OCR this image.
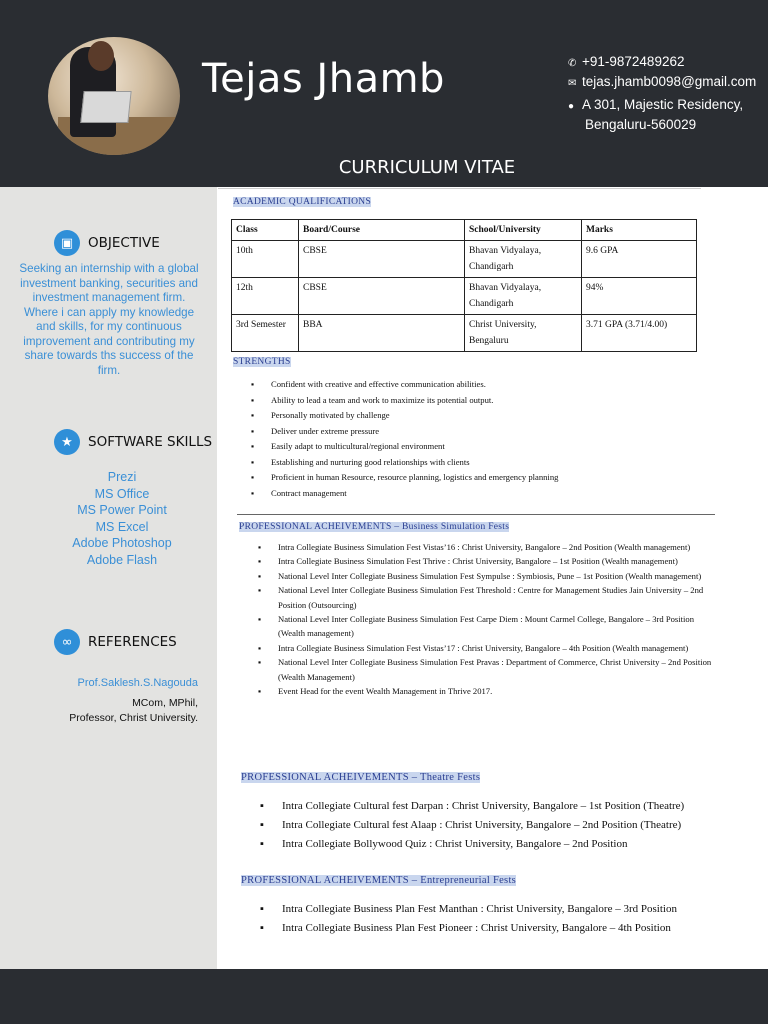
Tejas Jhamb	✆ +91-9872489262
✉ tejas.jhamb0098@gmail.com
● A 301, Majestic Residency,
Bengaluru-560029
CURRICULUM VITAE
▣	OBJECTIVE
Seeking an internship with a global investment banking, securities and investment management firm. Where i can apply my knowledge and skills, for my continuous improvement and contributing my share towards ths success of the firm.
★	SOFTWARE SKILLS
Prezi
MS Office
MS Power Point
MS Excel
Adobe Photoshop
Adobe Flash
∞	REFERENCES
Prof.Saklesh.S.Nagouda
MCom, MPhil,
Professor, Christ University.
ACADEMIC QUALIFICATIONS
Class	Board/Course	School/University	Marks
10th	CBSE	Bhavan Vidyalaya, Chandigarh	9.6 GPA
12th	CBSE	Bhavan Vidyalaya, Chandigarh	94%
3rd Semester	BBA	Christ University, Bengaluru	3.71 GPA (3.71/4.00)
STRENGTHS
▪ Confident with creative and effective communication abilities.
▪ Ability to lead a team and work to maximize its potential output.
▪ Personally motivated by challenge
▪ Deliver under extreme pressure
▪ Easily adapt to multicultural/regional environment
▪ Establishing and nurturing good relationships with clients
▪ Proficient in human Resource, resource planning, logistics and emergency planning
▪ Contract management
PROFESSIONAL ACHEIVEMENTS – Business Simulation Fests
▪ Intra Collegiate Business Simulation Fest Vistas’16 : Christ University, Bangalore – 2nd Position (Wealth management)
▪ Intra Collegiate Business Simulation Fest Thrive : Christ University, Bangalore – 1st Position (Wealth management)
▪ National Level Inter Collegiate Business Simulation Fest Sympulse : Symbiosis, Pune – 1st Position (Wealth management)
▪ National Level Inter Collegiate Business Simulation Fest Threshold : Centre for Management Studies Jain University – 2nd Position (Outsourcing)
▪ National Level Inter Collegiate Business Simulation Fest Carpe Diem : Mount Carmel College, Bangalore – 3rd Position (Wealth management)
▪ Intra Collegiate Business Simulation Fest Vistas’17 : Christ University, Bangalore – 4th Position (Wealth management)
▪ National Level Inter Collegiate Business Simulation Fest Pravas : Department of Commerce, Christ University – 2nd Position (Wealth Management)
▪ Event Head for the event Wealth Management in Thrive 2017.
PROFESSIONAL ACHEIVEMENTS – Theatre Fests
▪ Intra Collegiate Cultural fest Darpan : Christ University, Bangalore – 1st Position (Theatre)
▪ Intra Collegiate Cultural fest Alaap : Christ University, Bangalore – 2nd Position (Theatre)
▪ Intra Collegiate Bollywood Quiz : Christ University, Bangalore – 2nd Position
PROFESSIONAL ACHEIVEMENTS – Entrepreneurial Fests
▪ Intra Collegiate Business Plan Fest Manthan : Christ University, Bangalore – 3rd Position
▪ Intra Collegiate Business Plan Fest Pioneer : Christ University, Bangalore – 4th Position
